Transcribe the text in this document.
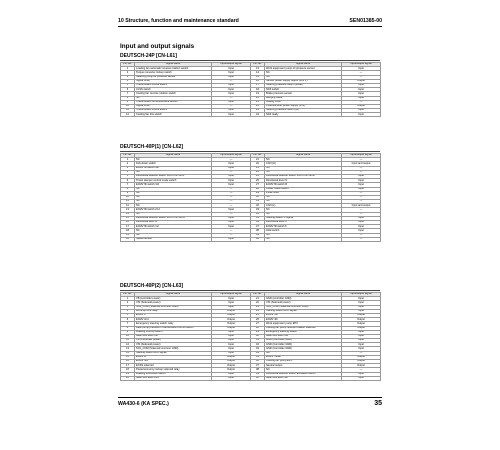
10 Structure, function and maintenance standard	SEN01385-00
Input and output signals
DEUTSCH-24P [CN-L61]
Pin No.	Signal name	Input/output signal	Pin No.	Signal name	Input/output signal
1	Loading fan automatic reverse rotation switch	Input	13	Work equipment pump oil pressure sensor	Input
2	Torque converter lockup switch	Input	14	NC	—
3	Steering pump oil pressure sensor	Input	15	NC	—
4	Signal GND	—	16	Sensor power supply output (+24 V)	Output
5	Transmission cut-off switch	Input	17	Steering pressure switch (lower)	Input
6	CLSS switch	Input	18	Shift switch	Input
7	Cooling fan reverse rotation switch	Input	19	Brake pressure sensor	Input
8	NC	—	20	Merging valve	Input
9	Transmission oil temperature sensor	Input	21	Analog GND	—
10	Signal GND	—	22	Potentiometer power supply (+5V)	Output
11	Transmission cut-off switch	Input	23	Steering pressure switch (H)	Input
12	Cooling fan this switch	Input	24	Shift ready	Input
DEUTSCH-40P(1) [CN-L62]
Pin No.	Signal name	Input/output signal	Pin No.	Signal name	Input/output signal
1	NC	—	21	NC	—
2	Kick-down switch	Input	22	CAN (H)	Input and output
3	ECMV fill switch 4th	Input	23	NC	—
4	NC	—	24	NC	—
5	Directional selector switch LOCI F/R 5th/F	Input	25	Directional selector switch LOCI F/R 5th/R	Input
6	Travel damper control mode switch	Input	26	Directional lever N	Input
7	ECMV fill switch 3rd	Input	27	ECMV fill switch R	Input
8	NC	—	28	Power mode switch	Input
9	NC	—	29	Pulse GND	—
10	NC	—	30	NC	—
11	NC	—	31	NC	—
12	NC	—	32	CAN (L)	Input and output
13	ECMV fill switch 2nd	Input	33	NC	—
14	NC	—	34	NC	—
15	Directional selector switch LOCI F/R 5th/N	Input	35	Starting switch C signal	Input
16	Directional lever R	Input	36	Directional lever F	Input
17	ECMV fill switch 1st	Input	37	ECMV fill switch F	Input
18	NC	—	38	Hold switch	Input
19	NC	—	39	NC	—
20	Speed sensor	Input	40	NC	—
DEUTSCH-40P(2) [CN-L63]
Pin No.	Signal name	Input/output signal	Pin No.	Signal name	Input/output signal
1	VB (controller power)	Input	21	GND (controller GND)	Input
2	VIS (Solenoid power)	Input	22	VIS (Solenoid power)	Input
3	SOL_COM (Solenoid common GND)	Input	23	SOL_COM (Solenoid common GND)	Input
4	Work-up time relay	Output	24	Starting switch ACC signal	Input
5	ECMV F	Output	25	ECMV 1st	Output
6	ECMV 2nd	Output	26	ECMV 4th	Output
7	Emergency steering switch relay	Output	27	Work equipment pump EPC	Output
8	Rear pump pressure in transmission cut-off switch	Output	28	Cooling fan pump reverse rotation solenoid	Output
9	Loading shift-up switch	Input	29	Emergency steering switch	Input
10	Gear shift lever 1st	Input	30	Gear shift lever 3rd	Input
11	VB (Controller power)	Input	31	GND (Controller GND)	Input
12	VIS (Solenoid power)	Input	32	GND (Controller GND)	Input
13	SOL_COM (Solenoid common GND)	Input	33	GND (Controller GND)	Input
14	Starting switch ACC signal	Input	34	NC	—
15	ECMV R	Output	35	ECMV mode	Output
16	ECMV 3rd	Output	36	Cooling fan pump EPC	Output
17	ECSS solenoid	Output	37	Neutral output	Output
18	Power/economy lockup solenoid relay	Output	38	NC	—
19	Loading shift-down switch	Input	39	Directional selector switch activation switch	Input
20	Gear shift lever 2nd	Input	40	Gear shift lever 4th	Input
WA430-6 (KA SPEC.)	35
